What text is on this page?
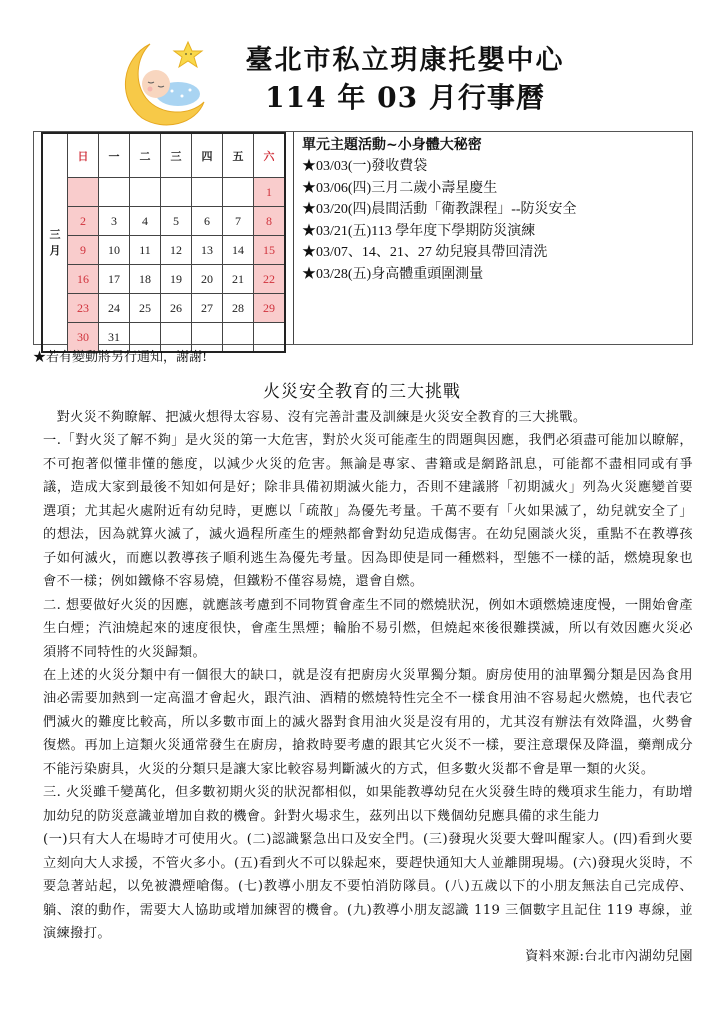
臺北市私立玥康托嬰中心
114 年 03 月行事曆
三月	日	一	二	三	四	五	六
							1
	2	3	4	5	6	7	8
	9	10	11	12	13	14	15
	16	17	18	19	20	21	22
	23	24	25	26	27	28	29
	30	31					
單元主題活動~小身體大秘密
★03/03(一)發收費袋
★03/06(四)三月二歲小壽星慶生
★03/20(四)晨間活動「衛教課程」--防災安全
★03/21(五)113 學年度下學期防災演練
★03/07、14、21、27 幼兒寢具帶回清洗
★03/28(五)身高體重頭圍測量
★若有變動將另行通知，謝謝!
火災安全教育的三大挑戰

　對火災不夠瞭解、把滅火想得太容易、沒有完善計畫及訓練是火災安全教育的三大挑戰。

一.「對火災了解不夠」是火災的第一大危害，對於火災可能產生的問題與因應，我們必須盡可能加以瞭解，不可抱著似懂非懂的態度，以減少火災的危害。無論是專家、書籍或是網路訊息，可能都不盡相同或有爭議，造成大家到最後不知如何是好；除非具備初期滅火能力，否則不建議將「初期滅火」列為火災應變首要選項；尤其起火處附近有幼兒時，更應以「疏散」為優先考量。千萬不要有「火如果滅了，幼兒就安全了」的想法，因為就算火滅了，滅火過程所產生的煙熱都會對幼兒造成傷害。在幼兒園談火災，重點不在教導孩子如何滅火，而應以教導孩子順利逃生為優先考量。因為即使是同一種燃料，型態不一樣的話，燃燒現象也會不一樣；例如鐵條不容易燒，但鐵粉不僅容易燒，還會自燃。

二. 想要做好火災的因應，就應該考慮到不同物質會產生不同的燃燒狀況，例如木頭燃燒速度慢，一開始會產生白煙；汽油燒起來的速度很快，會產生黑煙；輪胎不易引燃，但燒起來後很難撲滅，所以有效因應火災必須將不同特性的火災歸類。

在上述的火災分類中有一個很大的缺口，就是沒有把廚房火災單獨分類。廚房使用的油單獨分類是因為食用油必需要加熱到一定高溫才會起火，跟汽油、酒精的燃燒特性完全不一樣食用油不容易起火燃燒，也代表它們滅火的難度比較高，所以多數市面上的滅火器對食用油火災是沒有用的，尤其沒有辦法有效降溫，火勢會復燃。再加上這類火災通常發生在廚房，搶救時要考慮的跟其它火災不一樣，要注意環保及降溫，藥劑成分不能污染廚具，火災的分類只是讓大家比較容易判斷滅火的方式，但多數火災都不會是單一類的火災。

三. 火災雖千變萬化，但多數初期火災的狀況都相似，如果能教導幼兒在火災發生時的幾項求生能力，有助增加幼兒的防災意識並增加自救的機會。針對火場求生，茲列出以下幾個幼兒應具備的求生能力

(一)只有大人在場時才可使用火。(二)認識緊急出口及安全門。(三)發現火災要大聲叫醒家人。(四)看到火要立刻向大人求援，不管火多小。(五)看到火不可以躲起來，要趕快通知大人並離開現場。(六)發現火災時，不要急著站起，以免被濃煙嗆傷。(七)教導小朋友不要怕消防隊員。(八)五歲以下的小朋友無法自己完成停、 躺、滾的動作，需要大人協助或增加練習的機會。(九)教導小朋友認識 119 三個數字且記住 119 專線，並演練撥打。

資料來源:台北市內湖幼兒園
